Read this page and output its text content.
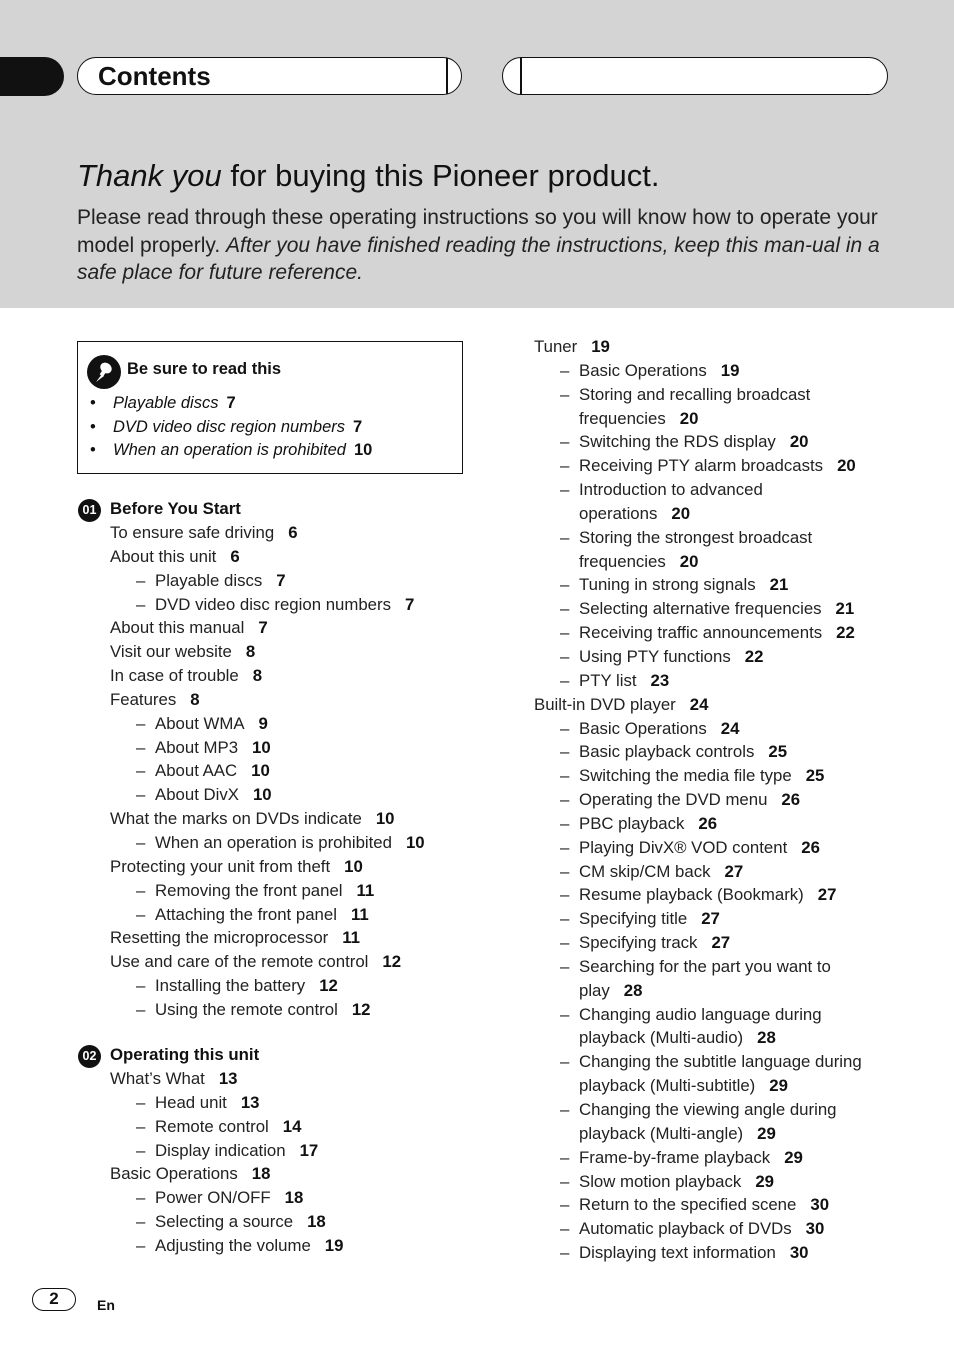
Contents
Thank you for buying this Pioneer product.
Please read through these operating instructions so you will know how to operate your model properly. After you have finished reading the instructions, keep this man-ual in a safe place for future reference.
Be sure to read this
• Playable discs 7
• DVD video disc region numbers 7
• When an operation is prohibited 10
01 Before You Start
To ensure safe driving 6
About this unit 6
– Playable discs 7
– DVD video disc region numbers 7
About this manual 7
Visit our website 8
In case of trouble 8
Features 8
– About WMA 9
– About MP3 10
– About AAC 10
– About DivX 10
What the marks on DVDs indicate 10
– When an operation is prohibited 10
Protecting your unit from theft 10
– Removing the front panel 11
– Attaching the front panel 11
Resetting the microprocessor 11
Use and care of the remote control 12
– Installing the battery 12
– Using the remote control 12
02 Operating this unit
What’s What 13
– Head unit 13
– Remote control 14
– Display indication 17
Basic Operations 18
– Power ON/OFF 18
– Selecting a source 18
– Adjusting the volume 19
Tuner 19
– Basic Operations 19
– Storing and recalling broadcast
frequencies 20
– Switching the RDS display 20
– Receiving PTY alarm broadcasts 20
– Introduction to advanced
operations 20
– Storing the strongest broadcast
frequencies 20
– Tuning in strong signals 21
– Selecting alternative frequencies 21
– Receiving traffic announcements 22
– Using PTY functions 22
– PTY list 23
Built-in DVD player 24
– Basic Operations 24
– Basic playback controls 25
– Switching the media file type 25
– Operating the DVD menu 26
– PBC playback 26
– Playing DivX® VOD content 26
– CM skip/CM back 27
– Resume playback (Bookmark) 27
– Specifying title 27
– Specifying track 27
– Searching for the part you want to
play 28
– Changing audio language during
playback (Multi-audio) 28
– Changing the subtitle language during
playback (Multi-subtitle) 29
– Changing the viewing angle during
playback (Multi-angle) 29
– Frame-by-frame playback 29
– Slow motion playback 29
– Return to the specified scene 30
– Automatic playback of DVDs 30
– Displaying text information 30
2	En
